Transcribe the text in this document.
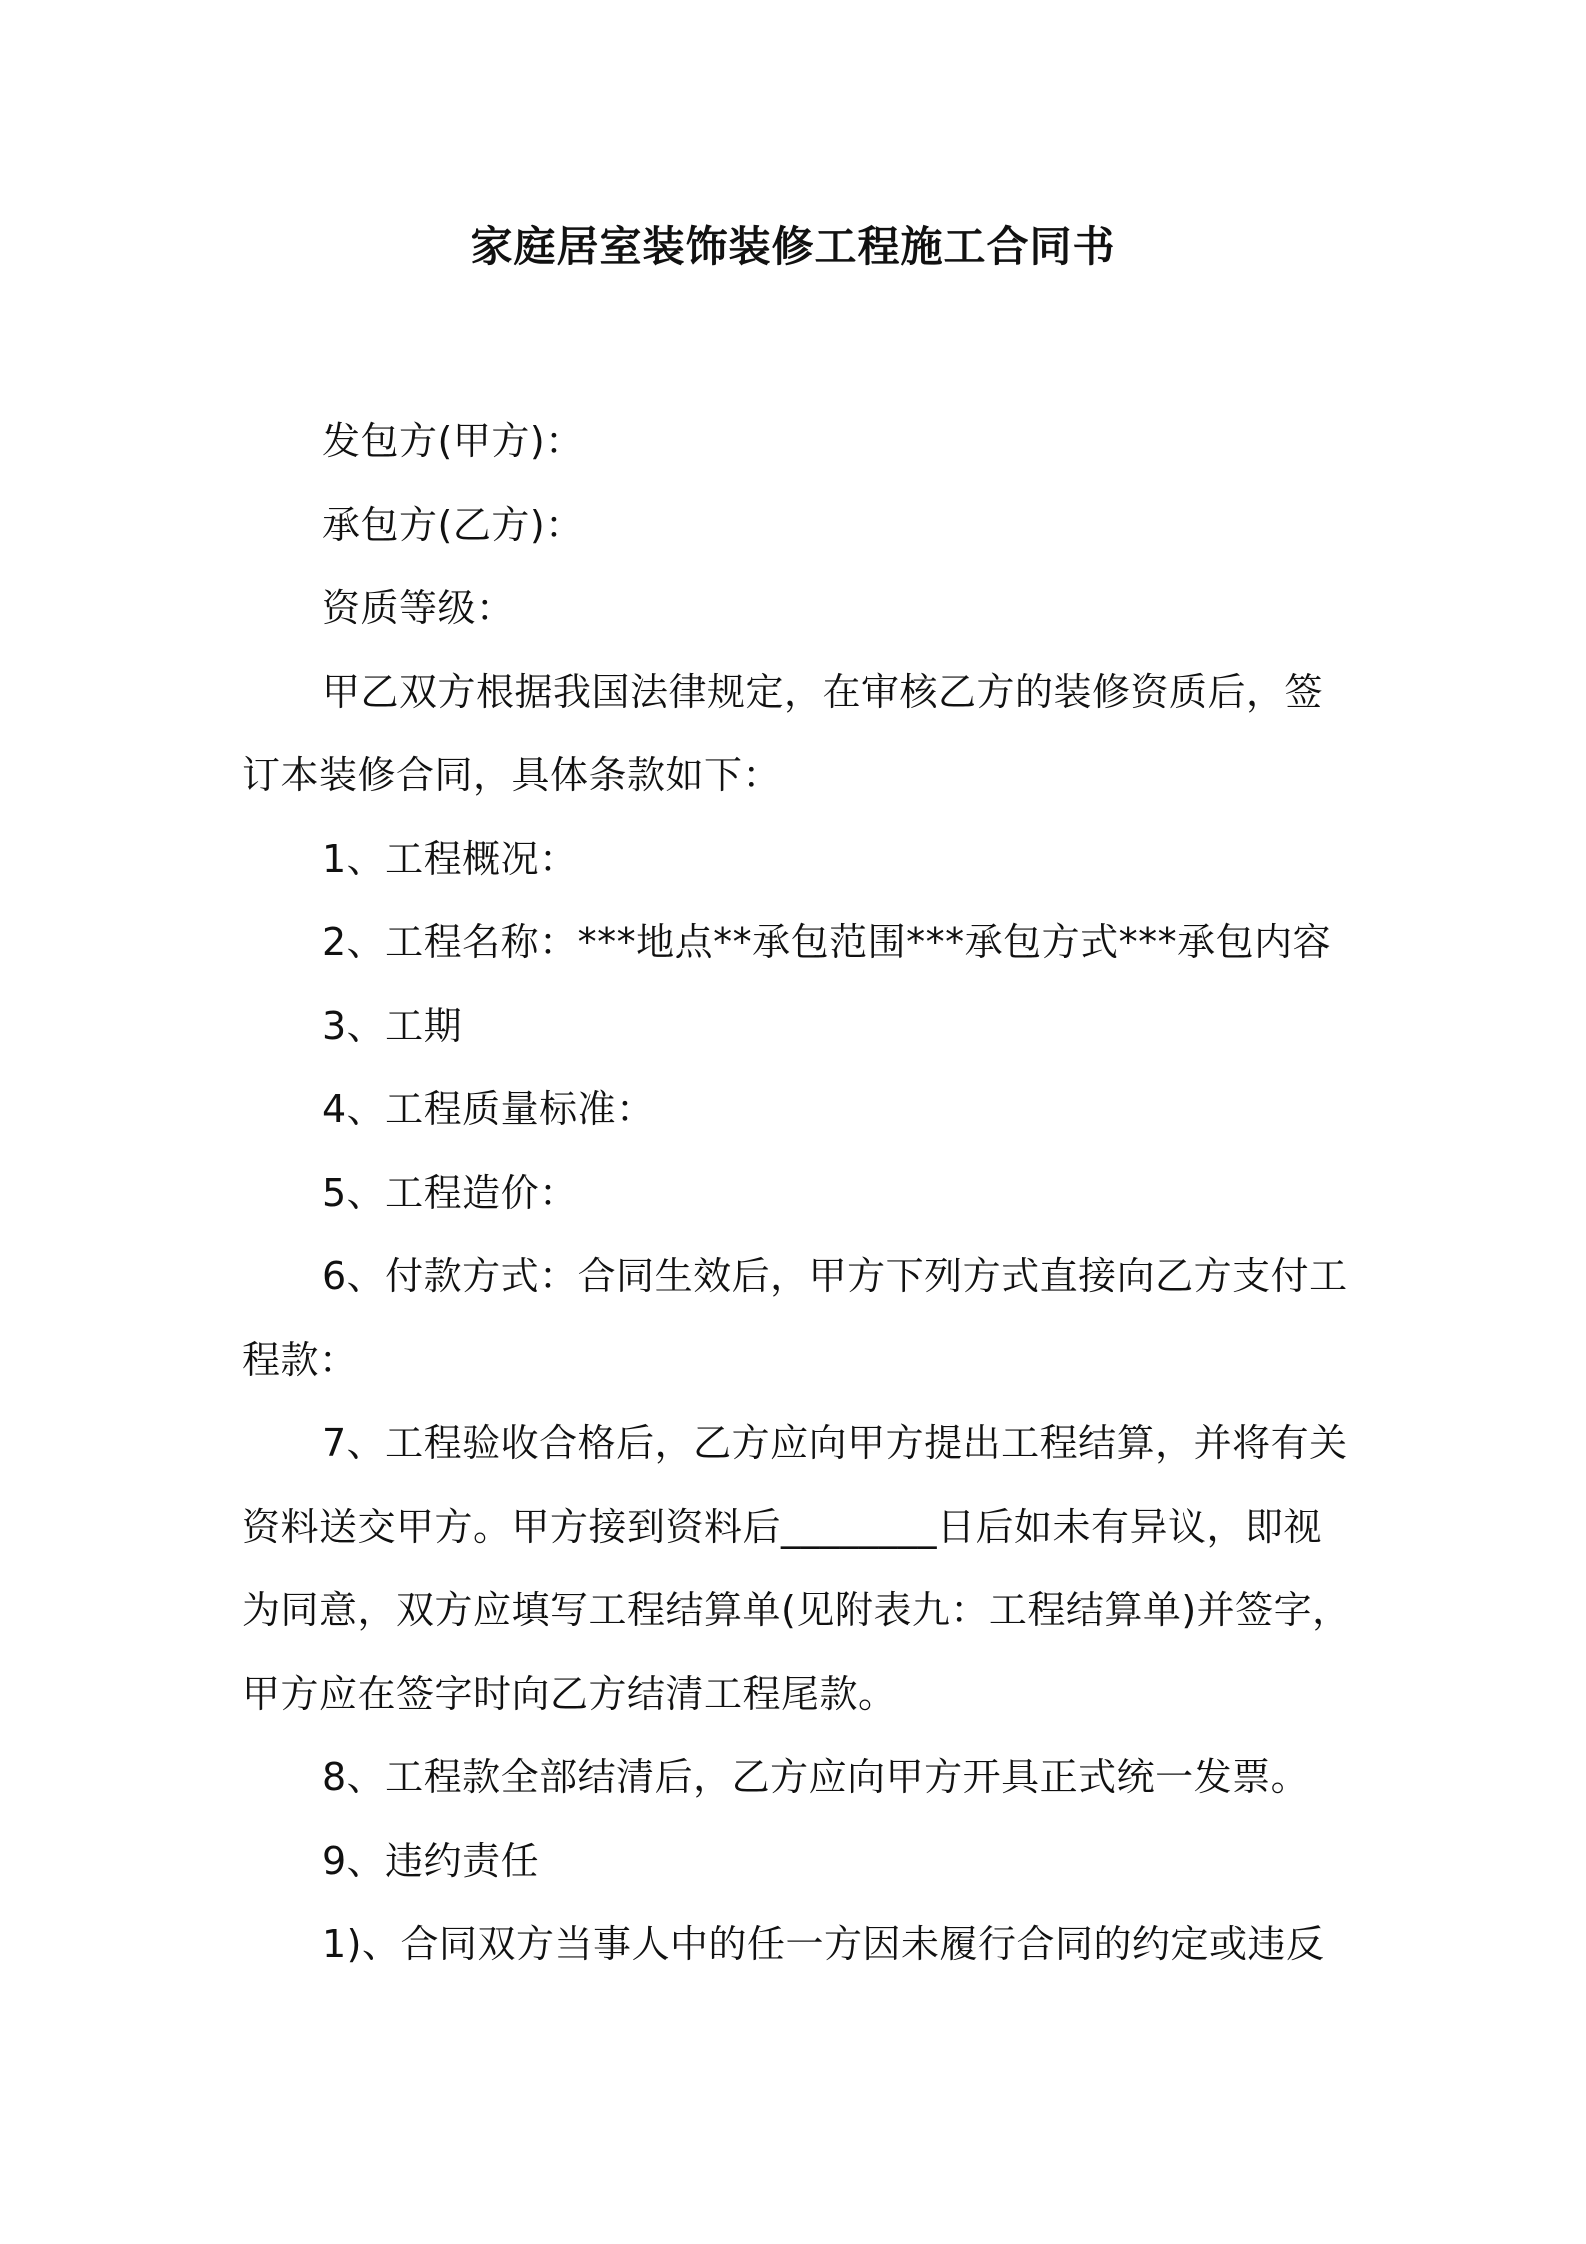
家庭居室装饰装修工程施工合同书

发包方(甲方)：

承包方(乙方)：

资质等级：

甲乙双方根据我国法律规定，在审核乙方的装修资质后，签订本装修合同，具体条款如下：

1、工程概况：

2、工程名称：***地点**承包范围***承包方式***承包内容

3、工期

4、工程质量标准：

5、工程造价：

6、付款方式：合同生效后，甲方下列方式直接向乙方支付工程款：

7、工程验收合格后，乙方应向甲方提出工程结算，并将有关资料送交甲方。甲方接到资料后________日后如未有异议，即视为同意，双方应填写工程结算单(见附表九：工程结算单)并签字，甲方应在签字时向乙方结清工程尾款。

8、工程款全部结清后，乙方应向甲方开具正式统一发票。

9、违约责任

1)、合同双方当事人中的任一方因未履行合同的约定或违反
